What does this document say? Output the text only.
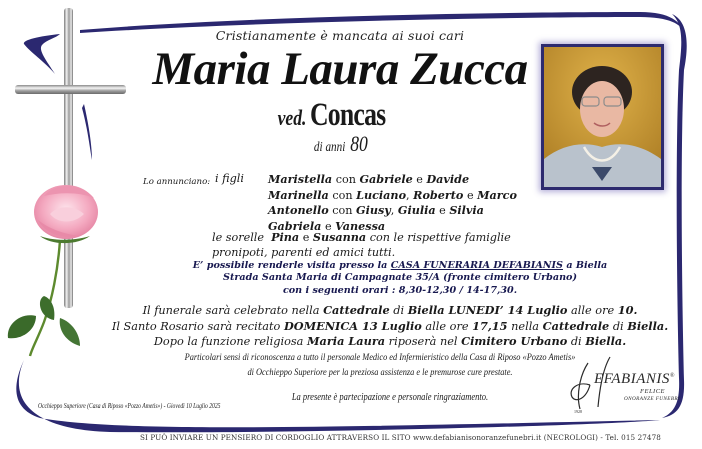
Cristianamente è mancata ai suoi cari
Maria Laura Zucca
ved. Concas
di anni 80
Lo annunciano: i figli Maristella con Gabriele e Davide
Marinella con Luciano, Roberto e Marco
Antonello con Giusy, Giulia e Silvia
Gabriela e Vanessa
le sorelle Pina e Susanna con le rispettive famiglie
pronipoti, parenti ed amici tutti.
E’ possibile renderle visita presso la CASA FUNERARIA DEFABIANIS a Biella
Strada Santa Maria di Campagnate 35/A (fronte cimitero Urbano)
con i seguenti orari : 8,30-12,30 / 14-17,30.
Il funerale sarà celebrato nella Cattedrale di Biella LUNEDI’ 14 Luglio alle ore 10.
Il Santo Rosario sarà recitato DOMENICA 13 Luglio alle ore 17,15 nella Cattedrale di Biella.
Dopo la funzione religiosa Maria Laura riposerà nel Cimitero Urbano di Biella.
Particolari sensi di riconoscenza a tutto il personale Medico ed Infermieristico della Casa di Riposo «Pozzo Ametis»
di Occhieppo Superiore per la preziosa assistenza e le premurose cure prestate.
La presente è partecipazione e personale ringraziamento.
Occhieppo Superiore (Casa di Riposo «Pozzo Ametis») - Giovedì 10 Luglio 2025
1928
EFABIANIS®
FELICE
ONORANZE FUNEBRI
SI PUÒ INVIARE UN PENSIERO DI CORDOGLIO ATTRAVERSO IL SITO www.defabianisonoranzefunebri.it (NECROLOGI) - Tel. 015 27478
